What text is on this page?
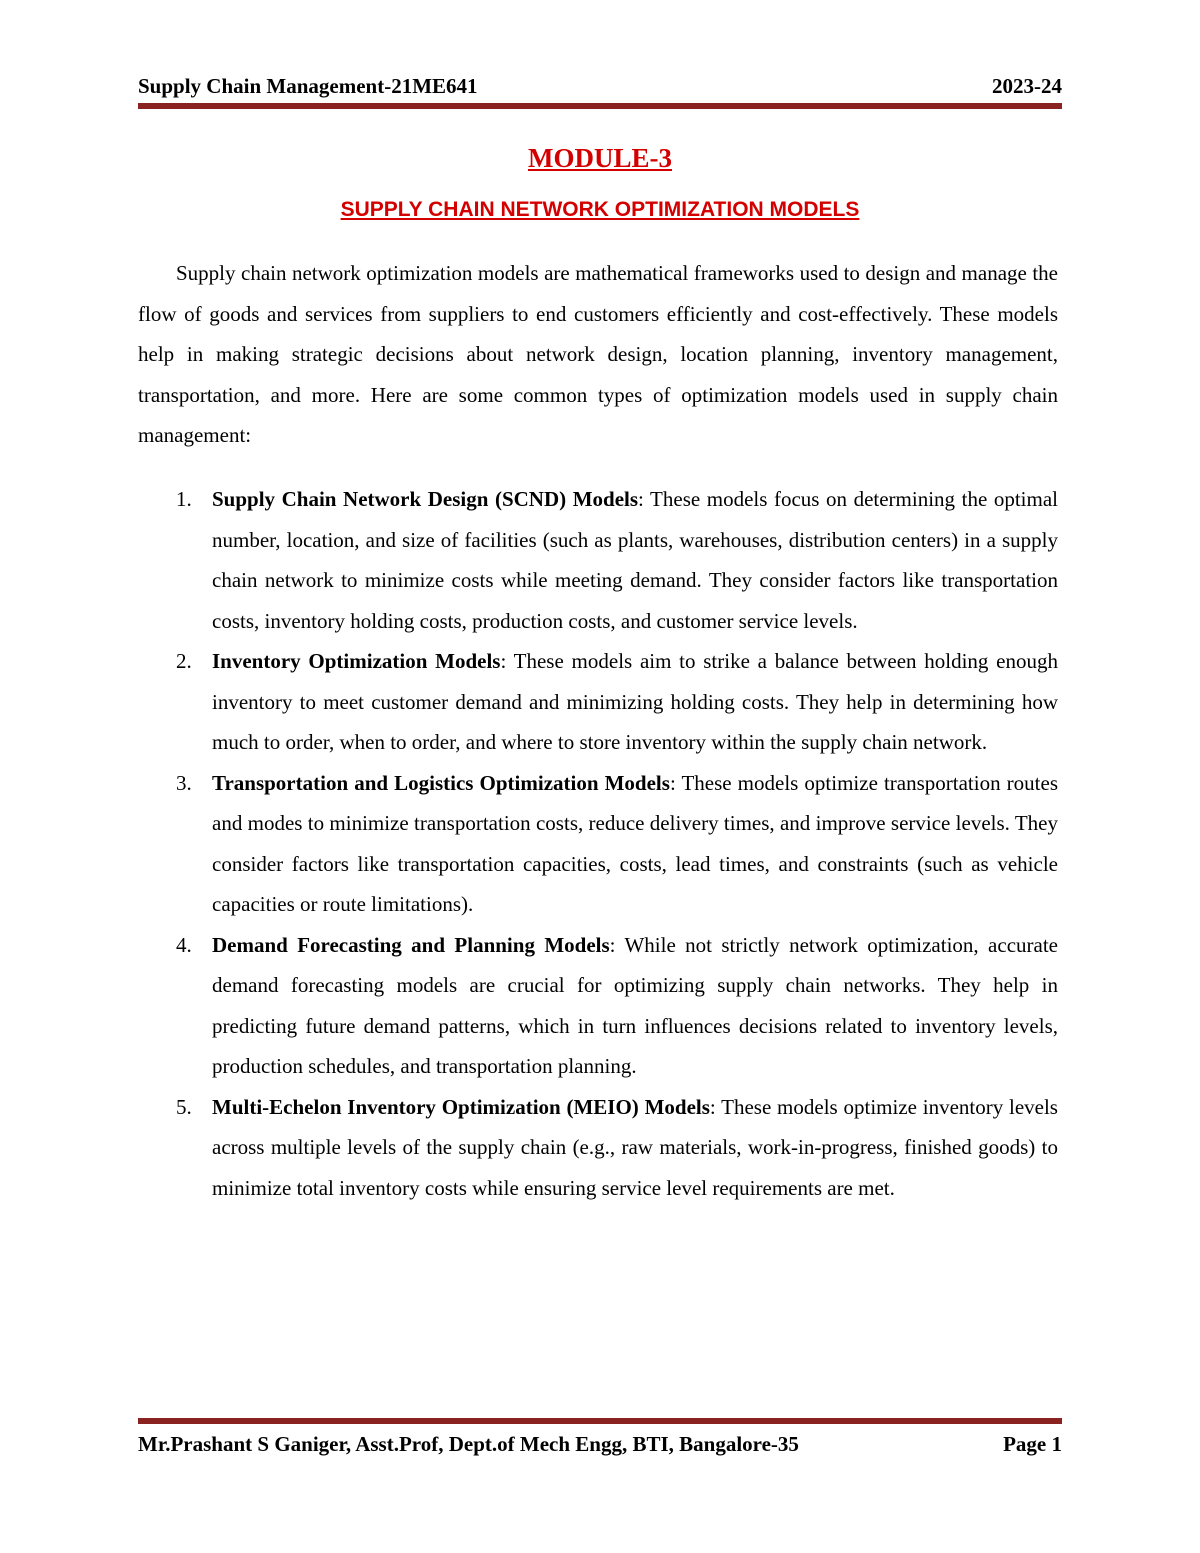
Supply Chain Management-21ME641	2023-24
MODULE-3
SUPPLY CHAIN NETWORK OPTIMIZATION MODELS

Supply chain network optimization models are mathematical frameworks used to design and manage the flow of goods and services from suppliers to end customers efficiently and cost-effectively. These models help in making strategic decisions about network design, location planning, inventory management, transportation, and more. Here are some common types of optimization models used in supply chain management:

1. Supply Chain Network Design (SCND) Models: These models focus on determining the optimal number, location, and size of facilities (such as plants, warehouses, distribution centers) in a supply chain network to minimize costs while meeting demand. They consider factors like transportation costs, inventory holding costs, production costs, and customer service levels.
2. Inventory Optimization Models: These models aim to strike a balance between holding enough inventory to meet customer demand and minimizing holding costs. They help in determining how much to order, when to order, and where to store inventory within the supply chain network.
3. Transportation and Logistics Optimization Models: These models optimize transportation routes and modes to minimize transportation costs, reduce delivery times, and improve service levels. They consider factors like transportation capacities, costs, lead times, and constraints (such as vehicle capacities or route limitations).
4. Demand Forecasting and Planning Models: While not strictly network optimization, accurate demand forecasting models are crucial for optimizing supply chain networks. They help in predicting future demand patterns, which in turn influences decisions related to inventory levels, production schedules, and transportation planning.
5. Multi-Echelon Inventory Optimization (MEIO) Models: These models optimize inventory levels across multiple levels of the supply chain (e.g., raw materials, work-in-progress, finished goods) to minimize total inventory costs while ensuring service level requirements are met.
Mr.Prashant S Ganiger, Asst.Prof, Dept.of Mech Engg, BTI, Bangalore-35	Page 1
